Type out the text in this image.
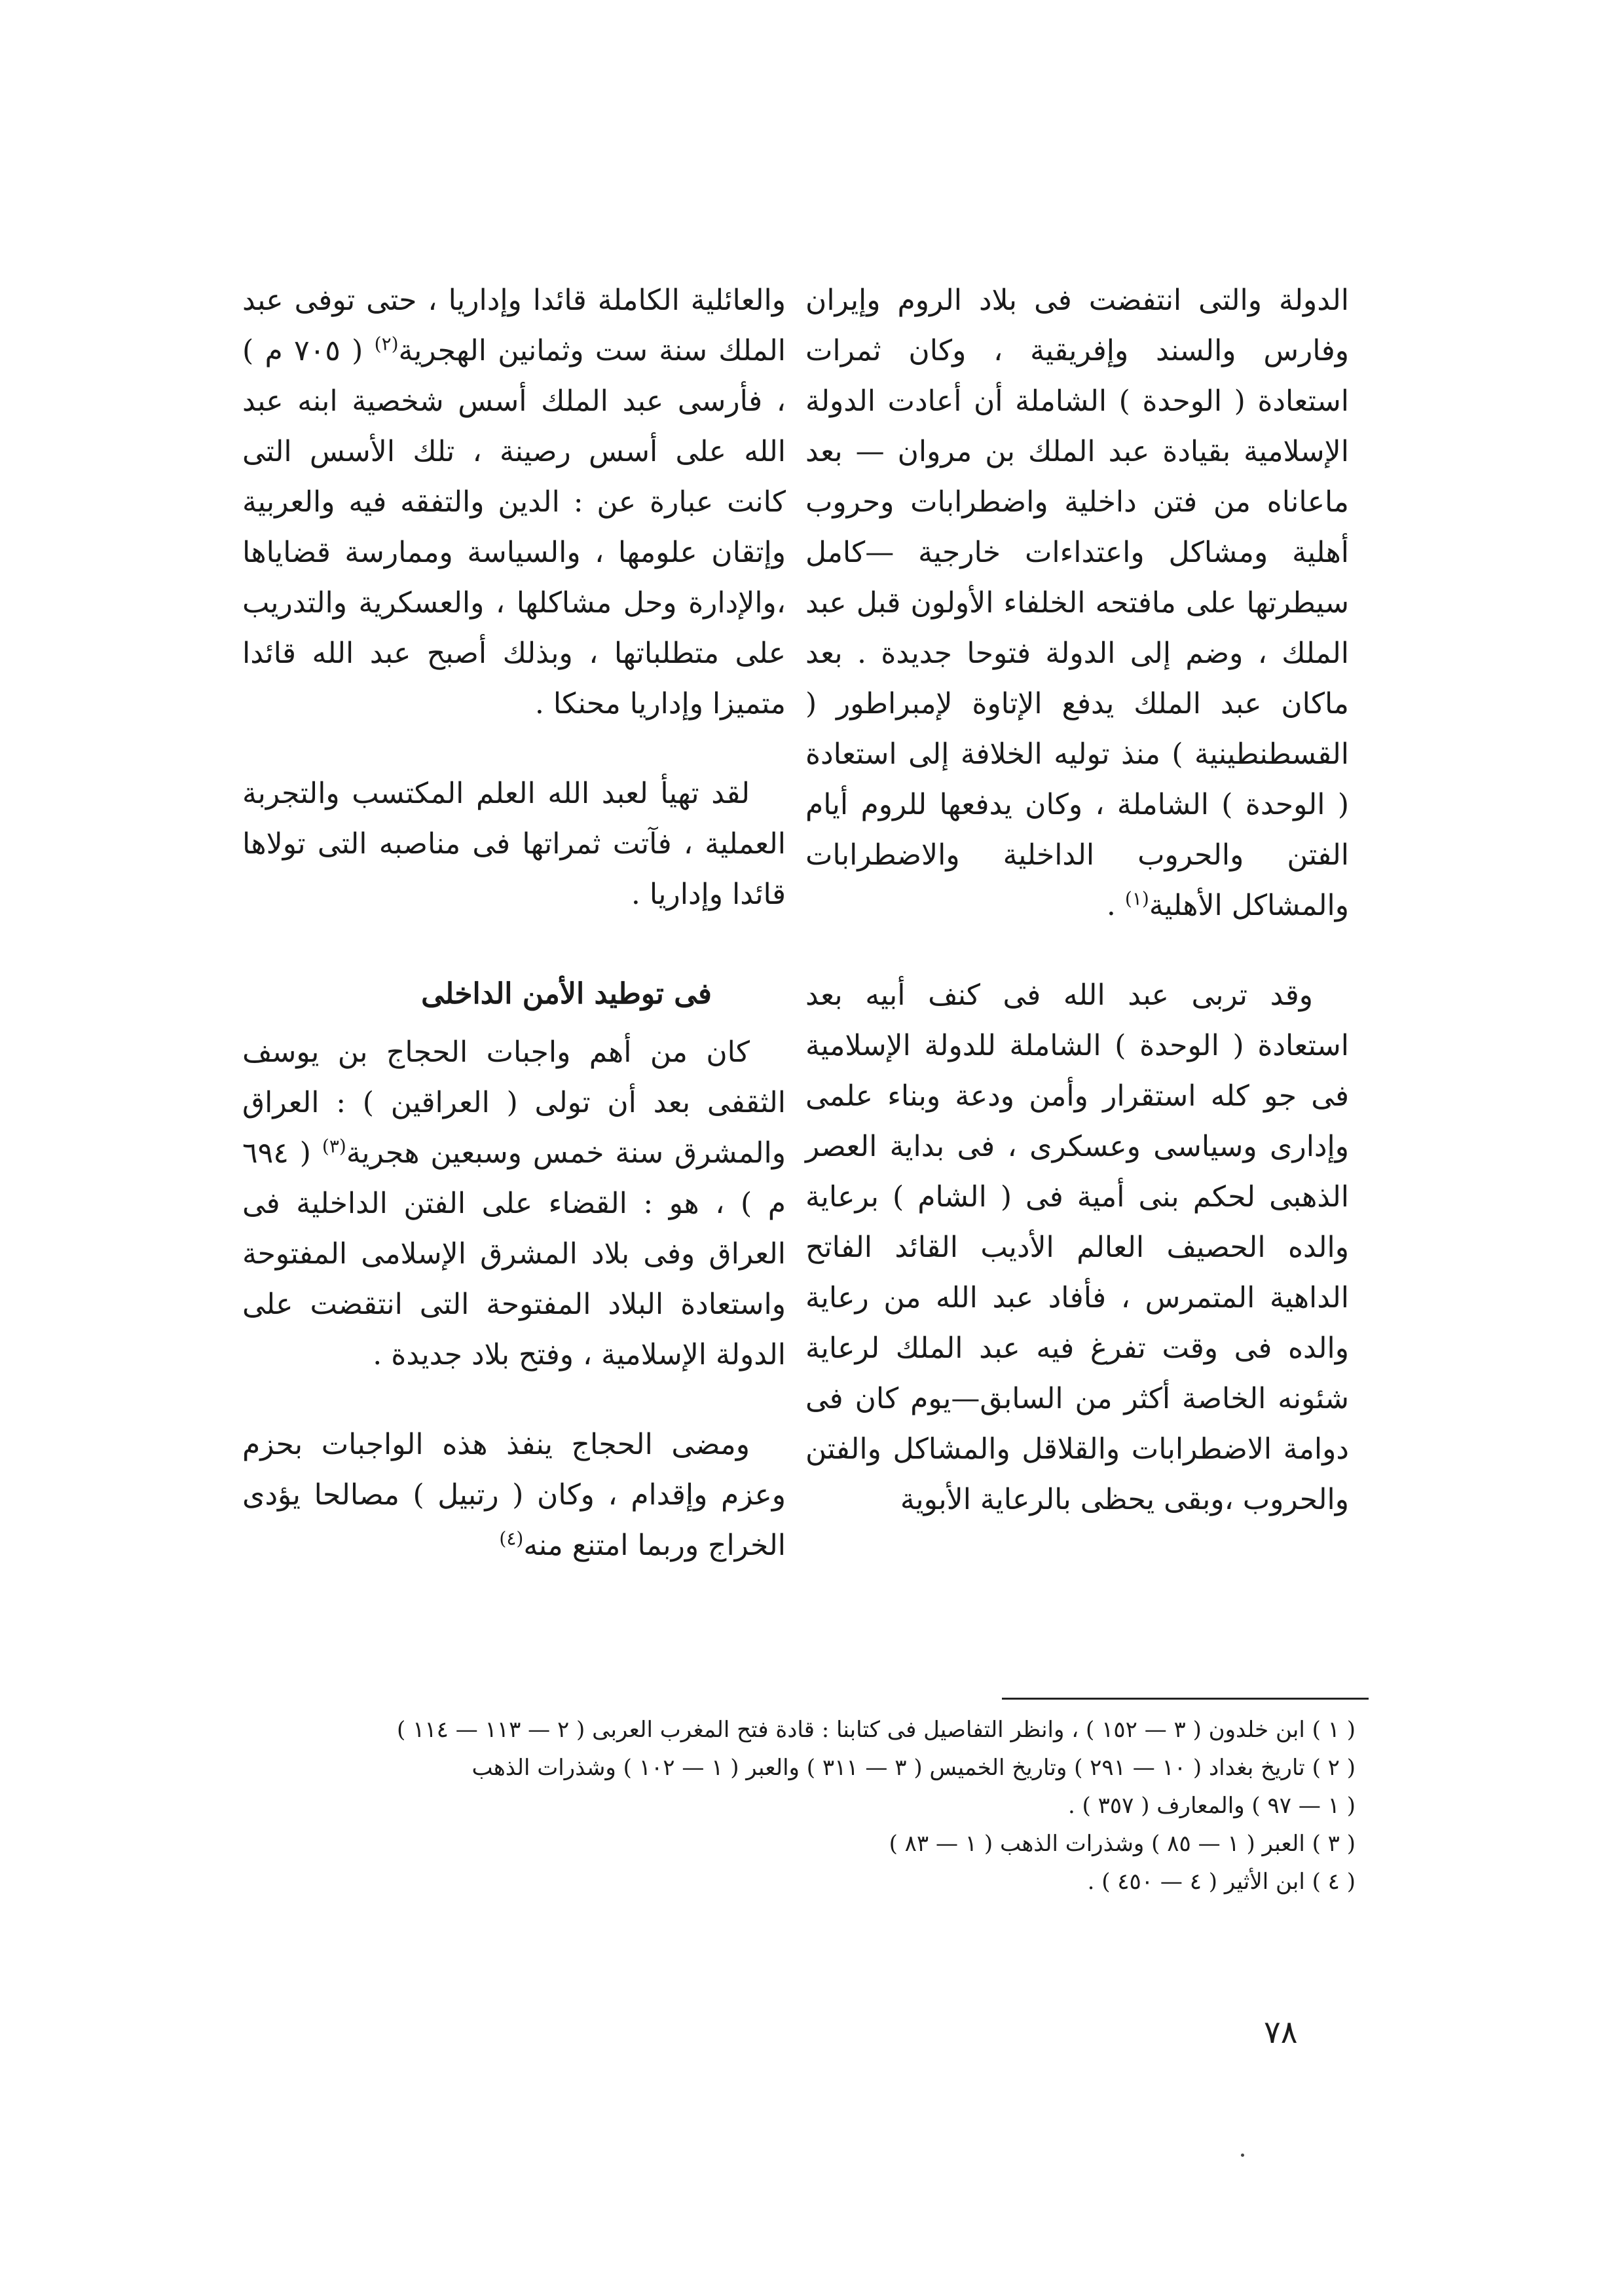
الدولة والتى انتفضت فى بلاد الروم وإيران وفارس والسند وإفريقية ، وكان ثمرات استعادة ( الوحدة ) الشاملة أن أعادت الدولة الإسلامية بقيادة عبد الملك بن مروان — بعد ماعاناه من فتن داخلية واضطرابات وحروب أهلية ومشاكل واعتداءات خارجية —كامل سيطرتها على مافتحه الخلفاء الأولون قبل عبد الملك ، وضم إلى الدولة فتوحا جديدة . بعد ماكان عبد الملك يدفع الإتاوة لإمبراطور ( القسطنطينية ) منذ توليه الخلافة إلى استعادة ( الوحدة ) الشاملة ، وكان يدفعها للروم أيام الفتن والحروب الداخلية والاضطرابات والمشاكل الأهلية$^{(١)}$ .

وقد تربى عبد الله فى كنف أبيه بعد استعادة ( الوحدة ) الشاملة للدولة الإسلامية فى جو كله استقرار وأمن ودعة وبناء علمى وإدارى وسياسى وعسكرى ، فى بداية العصر الذهبى لحكم بنى أمية فى ( الشام ) برعاية والده الحصيف العالم الأديب القائد الفاتح الداهية المتمرس ، فأفاد عبد الله من رعاية والده فى وقت تفرغ فيه عبد الملك لرعاية شئونه الخاصة أكثر من السابق—يوم كان فى دوامة الاضطرابات والقلاقل والمشاكل والفتن والحروب ،وبقى يحظى بالرعاية الأبوية

والعائلية الكاملة قائدا وإداريا ، حتى توفى عبد الملك سنة ست وثمانين الهجرية$^{(٢)}$ ( ٧٠٥ م ) ، فأرسى عبد الملك أسس شخصية ابنه عبد الله على أسس رصينة ، تلك الأسس التى كانت عبارة عن : الدين والتفقه فيه والعربية وإتقان علومها ، والسياسة وممارسة قضاياها ،والإدارة وحل مشاكلها ، والعسكرية والتدريب على متطلباتها ، وبذلك أصبح عبد الله قائدا متميزا وإداريا محنكا .

لقد تهيأ لعبد الله العلم المكتسب والتجربة العملية ، فآتت ثمراتها فى مناصبه التى تولاها قائدا وإداريا .

فى توطيد الأمن الداخلى

كان من أهم واجبات الحجاج بن يوسف الثقفى بعد أن تولى ( العراقين ) : العراق والمشرق سنة خمس وسبعين هجرية$^{(٣)}$ ( ٦٩٤ م ) ، هو : القضاء على الفتن الداخلية فى العراق وفى بلاد المشرق الإسلامى المفتوحة واستعادة البلاد المفتوحة التى انتقضت على الدولة الإسلامية ، وفتح بلاد جديدة .

ومضى الحجاج ينفذ هذه الواجبات بحزم وعزم وإقدام ، وكان ( رتبيل ) مصالحا يؤدى الخراج وربما امتنع منه$^{(٤)}$

( ١ ) ابن خلدون ( ٣ — ١٥٢ ) ، وانظر التفاصيل فى كتابنا : قادة فتح المغرب العربى ( ٢ — ١١٣ — ١١٤ )

( ٢ ) تاريخ بغداد ( ١٠ — ٢٩١ ) وتاريخ الخميس ( ٣ — ٣١١ ) والعبر ( ١ — ١٠٢ ) وشذرات الذهب

( ١ — ٩٧ ) والمعارف ( ٣٥٧ ) .

( ٣ ) العبر ( ١ — ٨٥ ) وشذرات الذهب ( ١ — ٨٣ )

( ٤ ) ابن الأثير ( ٤ — ٤٥٠ ) .

٧٨
